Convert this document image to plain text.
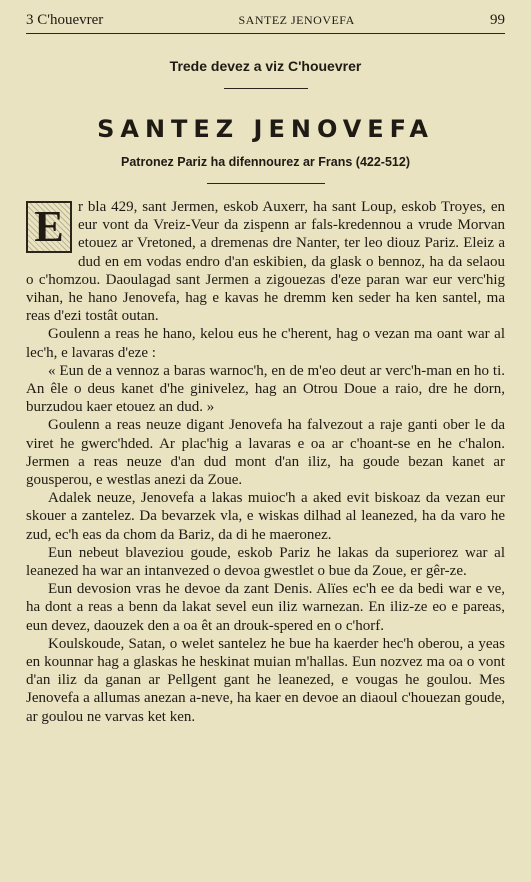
3 C'houevrer	SANTEZ JENOVEFA	99
Trede devez a viz C'houevrer
SANTEZ JENOVEFA
Patronez Pariz ha difennourez ar Frans (422-512)

E r bla 429, sant Jermen, eskob Auxerr, ha sant Loup, eskob Troyes, en eur vont da Vreiz-Veur da zispenn ar fals-kredennou a vrude Morvan etouez ar Vretoned, a dremenas dre Nanter, ter leo diouz Pariz. Eleiz a dud en em vodas endro d'an eskibien, da glask o bennoz, ha da selaou o c'homzou. Daoulagad sant Jermen a zigouezas d'eze paran war eur verc'hig vihan, he hano Jenovefa, hag e kavas he dremm ken seder ha ken santel, ma reas d'ezi tostât outan.

Goulenn a reas he hano, kelou eus he c'herent, hag o vezan ma oant war al lec'h, e lavaras d'eze :

« Eun de a vennoz a baras warnoc'h, en de m'eo deut ar verc'h-man en ho ti. An êle o deus kanet d'he ginivelez, hag an Otrou Doue a raio, dre he dorn, burzudou kaer etouez an dud. »

Goulenn a reas neuze digant Jenovefa ha falvezout a raje ganti ober le da viret he gwerc'hded. Ar plac'hig a lavaras e oa ar c'hoant-se en he c'halon. Jermen a reas neuze d'an dud mont d'an iliz, ha goude bezan kanet ar gousperou, e westlas anezi da Zoue.

Adalek neuze, Jenovefa a lakas muioc'h a aked evit biskoaz da vezan eur skouer a zantelez. Da bevarzek vla, e wiskas dilhad al leanezed, ha da varo he zud, ec'h eas da chom da Bariz, da di he maeronez.

Eun nebeut blaveziou goude, eskob Pariz he lakas da superiorez war al leanezed ha war an intanvezed o devoa gwestlet o bue da Zoue, er gêr-ze.

Eun devosion vras he devoe da zant Denis. Alïes ec'h ee da bedi war e ve, ha dont a reas a benn da lakat sevel eun iliz warnezan. En iliz-ze eo e pareas, eun devez, daouzek den a oa êt an drouk-spered en o c'horf.

Koulskoude, Satan, o welet santelez he bue ha kaerder hec'h oberou, a yeas en kounnar hag a glaskas he heskinat muian m'hallas. Eun nozvez ma oa o vont d'an iliz da ganan ar Pellgent gant he leanezed, e vougas he goulou. Mes Jenovefa a allumas anezan a-neve, ha kaer en devoe an diaoul c'houezan goude, ar goulou ne varvas ket ken.
